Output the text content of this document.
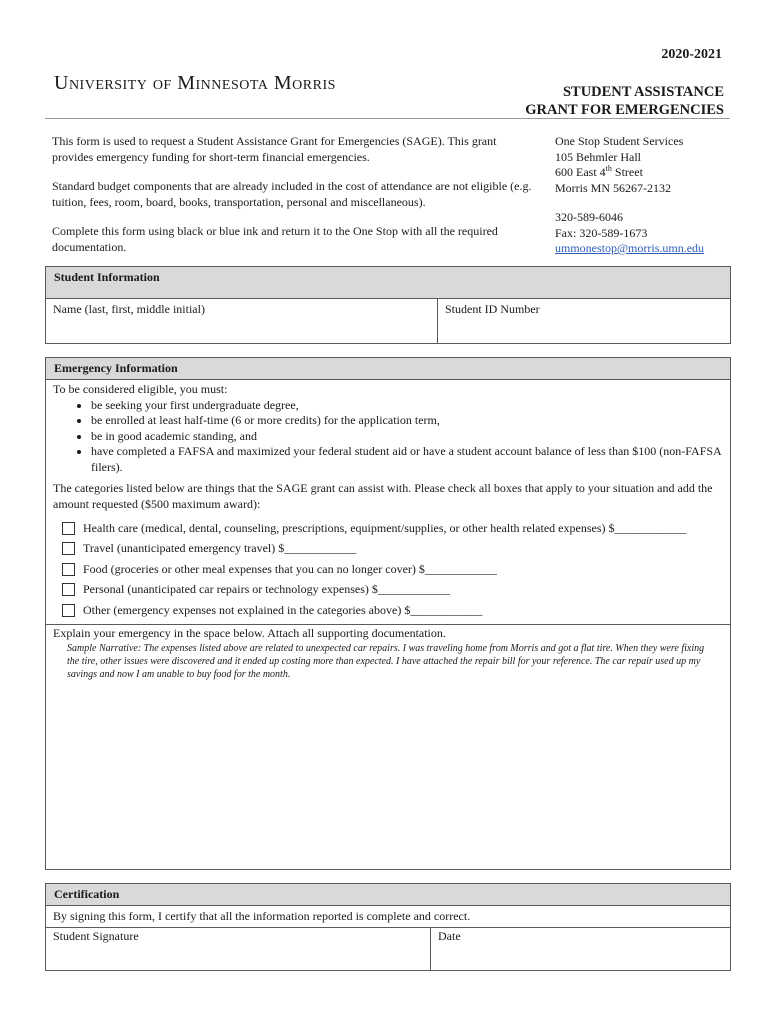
2020-2021
University of Minnesota Morris	STUDENT ASSISTANCE
GRANT FOR EMERGENCIES

This form is used to request a Student Assistance Grant for Emergencies (SAGE). This grant provides emergency funding for short-term financial emergencies.

Standard budget components that are already included in the cost of attendance are not eligible (e.g. tuition, fees, room, board, books, transportation, personal and miscellaneous).

Complete this form using black or blue ink and return it to the One Stop with all the required documentation.

One Stop Student Services
105 Behmler Hall
600 East 4th Street
Morris MN 56267-2132
320-589-6046
Fax: 320-589-1673
ummonestop@morris.umn.edu
Student Information
Name (last, first, middle initial)	Student ID Number
Emergency Information
To be considered eligible, you must:
• be seeking your first undergraduate degree,
• be enrolled at least half-time (6 or more credits) for the application term,
• be in good academic standing, and
• have completed a FAFSA and maximized your federal student aid or have a student account balance of less than $100 (non-FAFSA filers).
The categories listed below are things that the SAGE grant can assist with. Please check all boxes that apply to your situation and add the amount requested ($500 maximum award):
Health care (medical, dental, counseling, prescriptions, equipment/supplies, or other health related expenses) $____________
Travel (unanticipated emergency travel) $____________
Food (groceries or other meal expenses that you can no longer cover) $____________
Personal (unanticipated car repairs or technology expenses) $____________
Other (emergency expenses not explained in the categories above) $____________
Explain your emergency in the space below. Attach all supporting documentation.
Sample Narrative: The expenses listed above are related to unexpected car repairs. I was traveling home from Morris and got a flat tire. When they were fixing the tire, other issues were discovered and it ended up costing more than expected. I have attached the repair bill for your reference. The car repair used up my savings and now I am unable to buy food for the month.
Certification
By signing this form, I certify that all the information reported is complete and correct.
Student Signature	Date
